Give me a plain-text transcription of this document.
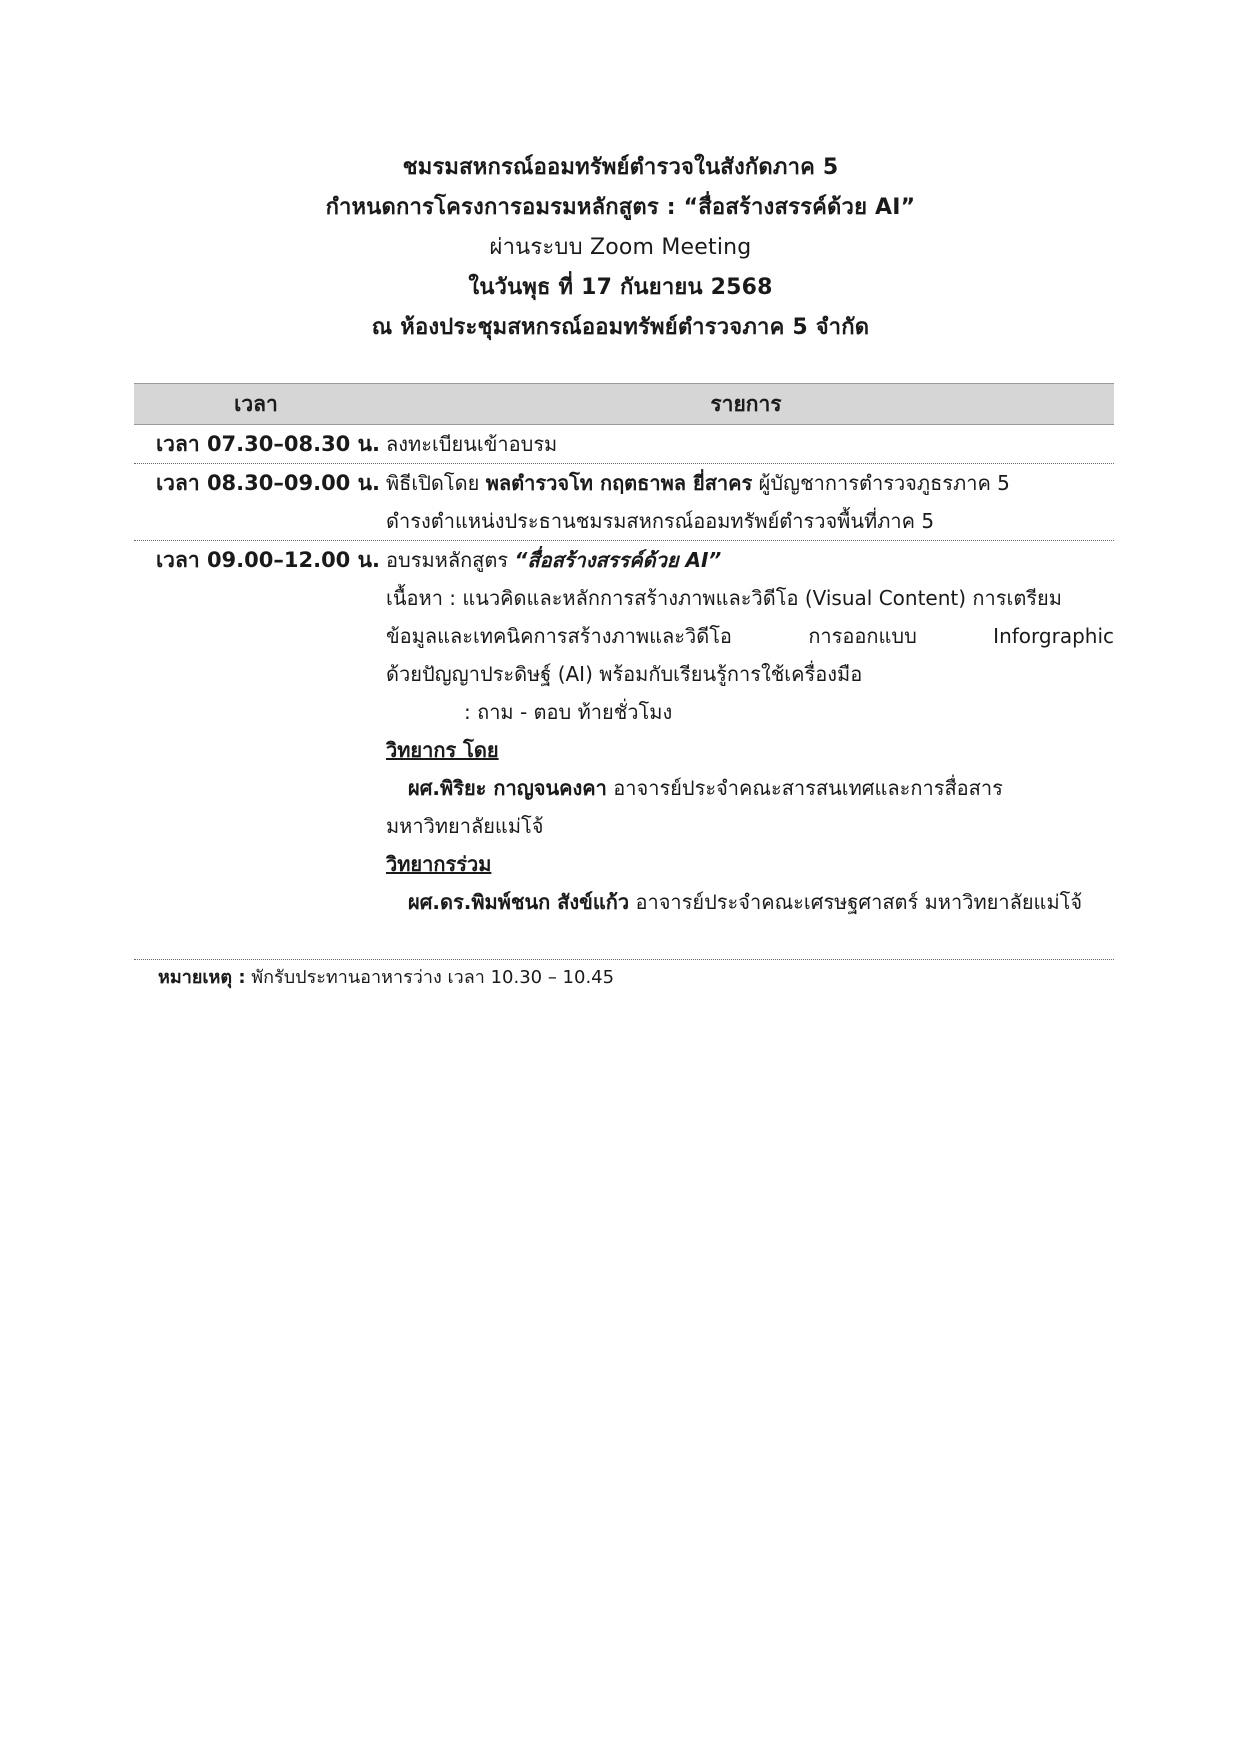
ชมรมสหกรณ์ออมทรัพย์ตำรวจในสังกัดภาค 5
กำหนดการโครงการอมรมหลักสูตร : “สื่อสร้างสรรค์ด้วย AI”
ผ่านระบบ Zoom Meeting
ในวันพุธ ที่ 17 กันยายน 2568
ณ ห้องประชุมสหกรณ์ออมทรัพย์ตำรวจภาค 5 จำกัด
เวลา	รายการ
เวลา 07.30–08.30 น. ลงทะเบียนเข้าอบรม

เวลา 08.30–09.00 น. พิธีเปิดโดย พลตำรวจโท กฤตธาพล ยี่สาคร ผู้บัญชาการตำรวจภูธรภาค 5

ดำรงตำแหน่งประธานชมรมสหกรณ์ออมทรัพย์ตำรวจพื้นที่ภาค 5

เวลา 09.00–12.00 น. อบรมหลักสูตร “สื่อสร้างสรรค์ด้วย AI”

เนื้อหา : แนวคิดและหลักการสร้างภาพและวิดีโอ (Visual Content) การเตรียม

ข้อมูลและเทคนิคการสร้างภาพและวิดีโอ การออกแบบ Inforgraphic

ด้วยปัญญาประดิษฐ์ (AI) พร้อมกับเรียนรู้การใช้เครื่องมือ

: ถาม - ตอบ ท้ายชั่วโมง

วิทยากร โดย

ผศ.พิริยะ กาญจนคงคา อาจารย์ประจำคณะสารสนเทศและการสื่อสาร

มหาวิทยาลัยแม่โจ้

วิทยากรร่วม

ผศ.ดร.พิมพ์ชนก สังข์แก้ว อาจารย์ประจำคณะเศรษฐศาสตร์ มหาวิทยาลัยแม่โจ้

หมายเหตุ : พักรับประทานอาหารว่าง เวลา 10.30 – 10.45
